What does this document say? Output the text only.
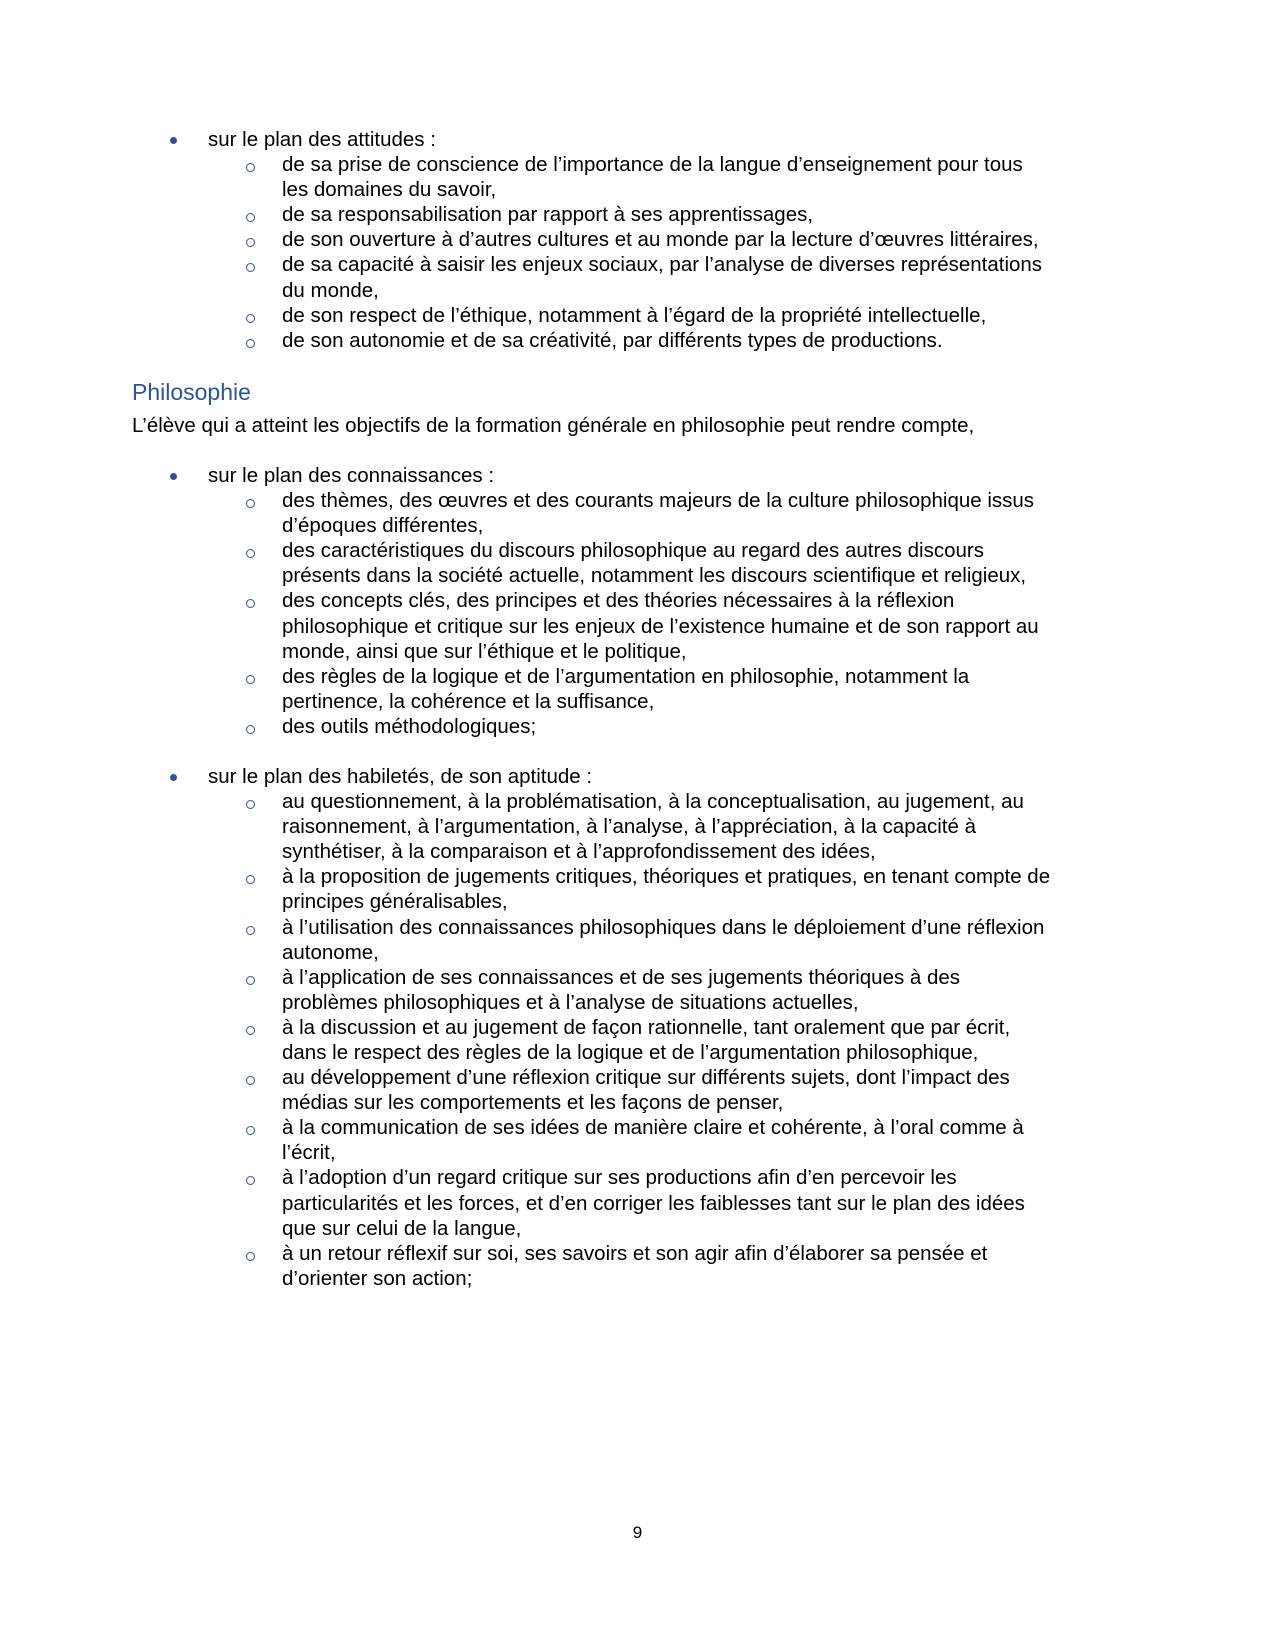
sur le plan des attitudes :
de sa prise de conscience de l’importance de la langue d’enseignement pour tous
les domaines du savoir,
de sa responsabilisation par rapport à ses apprentissages,
de son ouverture à d’autres cultures et au monde par la lecture d’œuvres littéraires,
de sa capacité à saisir les enjeux sociaux, par l’analyse de diverses représentations
du monde,
de son respect de l’éthique, notamment à l’égard de la propriété intellectuelle,
de son autonomie et de sa créativité, par différents types de productions.
Philosophie
L’élève qui a atteint les objectifs de la formation générale en philosophie peut rendre compte,
sur le plan des connaissances :
des thèmes, des œuvres et des courants majeurs de la culture philosophique issus
d’époques différentes,
des caractéristiques du discours philosophique au regard des autres discours
présents dans la société actuelle, notamment les discours scientifique et religieux,
des concepts clés, des principes et des théories nécessaires à la réflexion
philosophique et critique sur les enjeux de l’existence humaine et de son rapport au
monde, ainsi que sur l’éthique et le politique,
des règles de la logique et de l’argumentation en philosophie, notamment la
pertinence, la cohérence et la suffisance,
des outils méthodologiques;
sur le plan des habiletés, de son aptitude :
au questionnement, à la problématisation, à la conceptualisation, au jugement, au
raisonnement, à l’argumentation, à l’analyse, à l’appréciation, à la capacité à
synthétiser, à la comparaison et à l’approfondissement des idées,
à la proposition de jugements critiques, théoriques et pratiques, en tenant compte de
principes généralisables,
à l’utilisation des connaissances philosophiques dans le déploiement d’une réflexion
autonome,
à l’application de ses connaissances et de ses jugements théoriques à des
problèmes philosophiques et à l’analyse de situations actuelles,
à la discussion et au jugement de façon rationnelle, tant oralement que par écrit,
dans le respect des règles de la logique et de l’argumentation philosophique,
au développement d’une réflexion critique sur différents sujets, dont l’impact des
médias sur les comportements et les façons de penser,
à la communication de ses idées de manière claire et cohérente, à l’oral comme à
l’écrit,
à l’adoption d’un regard critique sur ses productions afin d’en percevoir les
particularités et les forces, et d’en corriger les faiblesses tant sur le plan des idées
que sur celui de la langue,
à un retour réflexif sur soi, ses savoirs et son agir afin d’élaborer sa pensée et
d’orienter son action;
9
